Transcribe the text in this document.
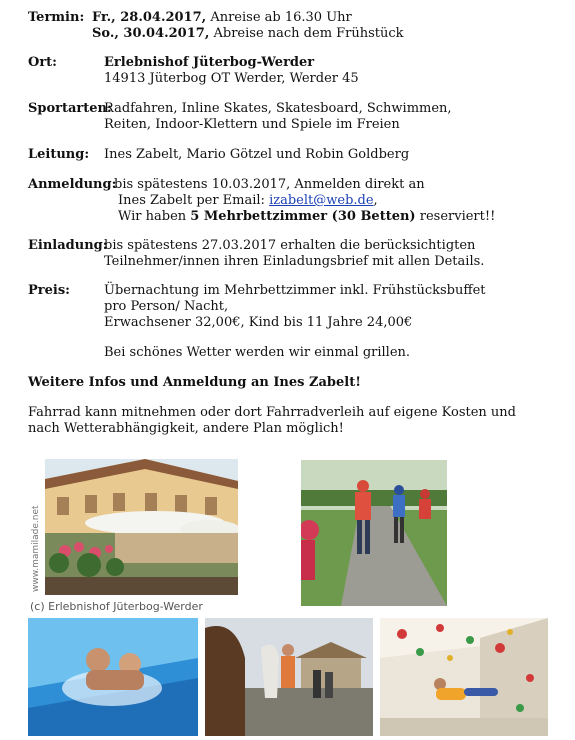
Termin: Fr., 28.04.2017, Anreise ab 16.30 Uhr
So., 30.04.2017, Abreise nach dem Frühstück
Ort:	Erlebnishof Jüterbog-Werder
14913 Jüterbog OT Werder, Werder 45
Sportarten:
Radfahren, Inline Skates, Skatesboard, Schwimmen,
Reiten, Indoor-Klettern und Spiele im Freien
Leitung: Ines Zabelt, Mario Götzel und Robin Goldberg
Anmeldung:
bis spätestens 10.03.2017, Anmelden direkt an
Ines Zabelt per Email: izabelt@web.de,
Wir haben 5 Mehrbettzimmer (30 Betten) reserviert!!
Einladung:
bis spätestens 27.03.2017 erhalten die berücksichtigten
Teilnehmer/innen ihren Einladungsbrief mit allen Details.
Preis:	Übernachtung im Mehrbettzimmer inkl. Frühstücksbuffet
pro Person/ Nacht,
Erwachsener 32,00€, Kind bis 11 Jahre 24,00€
Bei schönes Wetter werden wir einmal grillen.
Weitere Infos und Anmeldung an Ines Zabelt!
Fahrrad kann mitnehmen oder dort Fahrradverleih auf eigene Kosten und
nach Wetterabhängigkeit, andere Plan möglich!
www.mamilade.net
(c) Erlebnishof Jüterbog-Werder
